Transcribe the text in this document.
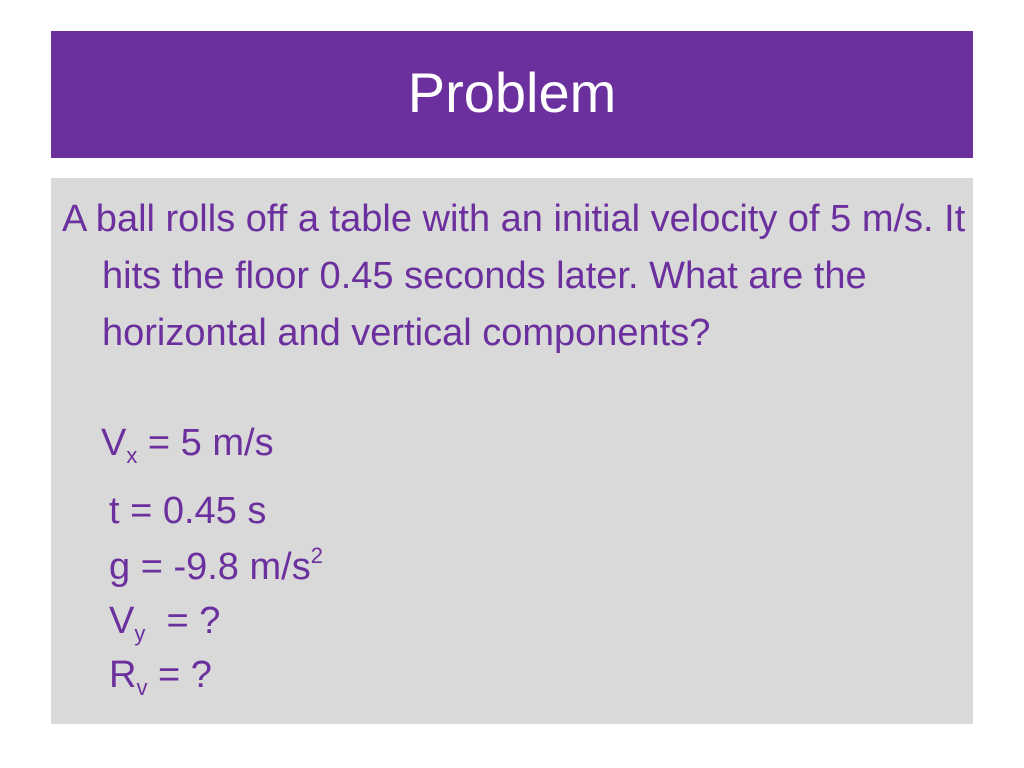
Problem

A ball rolls off a table with an initial velocity of 5 m/s. It hits the floor 0.45 seconds later. What are the horizontal and vertical components?

$V_x = 5$ m/s
t = 0.45 s
g = -9.8 $m/s^2$
$V_y$  = ?
$R_v$ = ?
